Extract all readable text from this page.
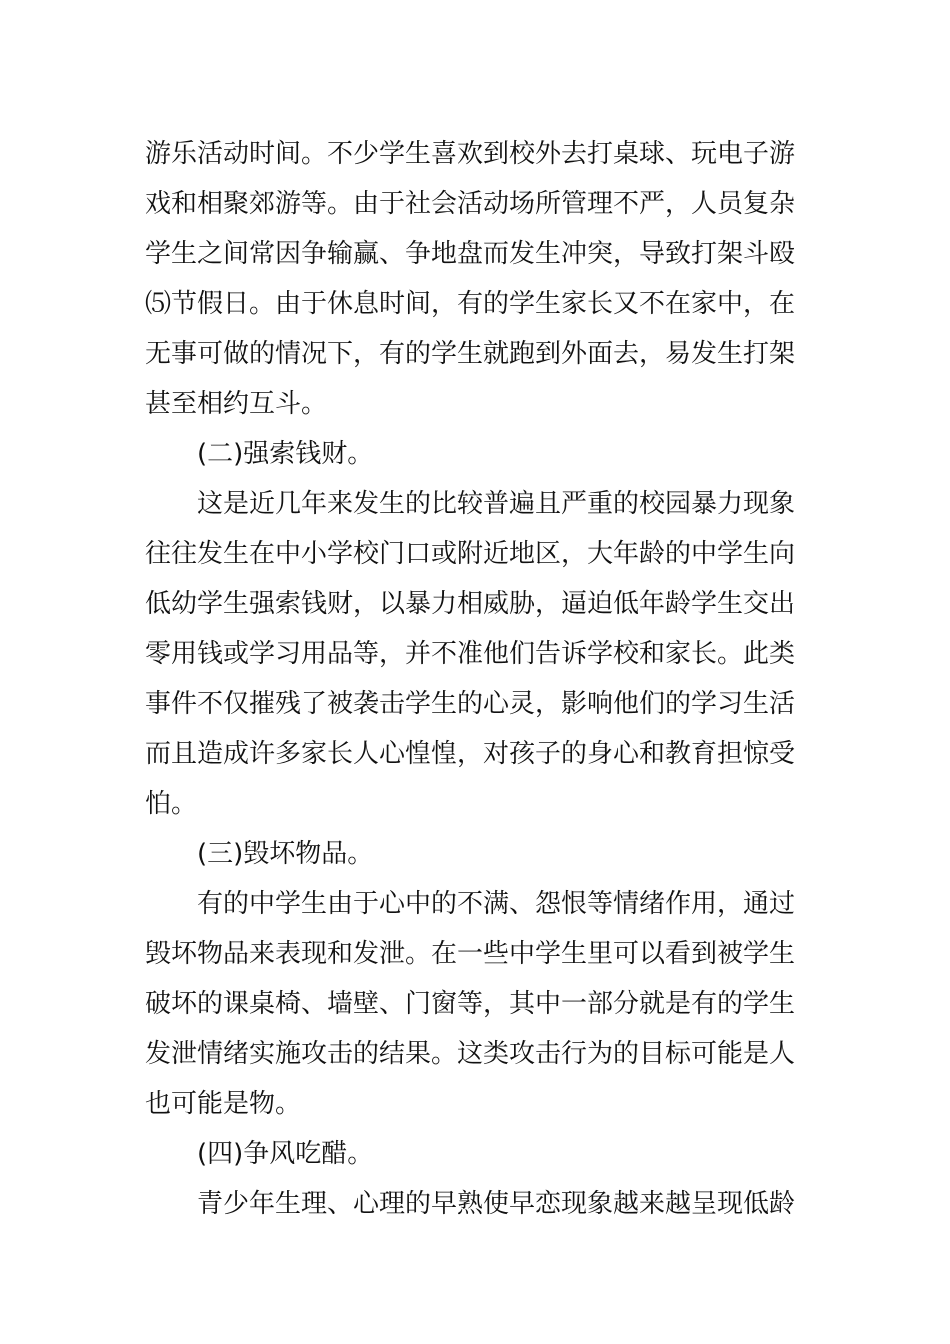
游乐活动时间。不少学生喜欢到校外去打桌球、玩电子游
戏和相聚郊游等。由于社会活动场所管理不严，人员复杂
学生之间常因争输赢、争地盘而发生冲突，导致打架斗殴
⑸节假日。由于休息时间，有的学生家长又不在家中，在
无事可做的情况下，有的学生就跑到外面去，易发生打架
甚至相约互斗。
(二)强索钱财。
这是近几年来发生的比较普遍且严重的校园暴力现象
往往发生在中小学校门口或附近地区，大年龄的中学生向
低幼学生强索钱财，以暴力相威胁，逼迫低年龄学生交出
零用钱或学习用品等，并不准他们告诉学校和家长。此类
事件不仅摧残了被袭击学生的心灵，影响他们的学习生活
而且造成许多家长人心惶惶，对孩子的身心和教育担惊受
怕。
(三)毁坏物品。
有的中学生由于心中的不满、怨恨等情绪作用，通过
毁坏物品来表现和发泄。在一些中学生里可以看到被学生
破坏的课桌椅、墙壁、门窗等，其中一部分就是有的学生
发泄情绪实施攻击的结果。这类攻击行为的目标可能是人
也可能是物。
(四)争风吃醋。
青少年生理、心理的早熟使早恋现象越来越呈现低龄
